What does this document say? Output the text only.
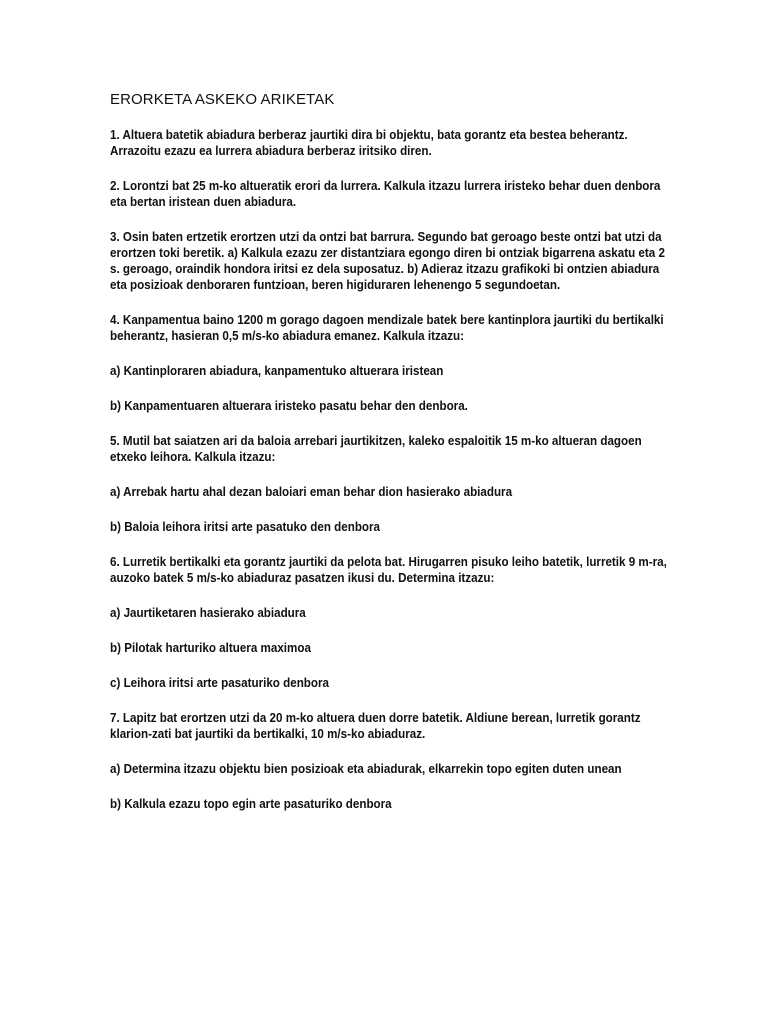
ERORKETA ASKEKO ARIKETAK

1. Altuera batetik abiadura berberaz jaurtiki dira bi objektu, bata gorantz eta bestea beherantz. Arrazoitu ezazu ea lurrera abiadura berberaz iritsiko diren.

2. Lorontzi bat 25 m-ko altueratik erori da lurrera. Kalkula itzazu lurrera iristeko behar duen denbora eta bertan iristean duen abiadura.

3. Osin baten ertzetik erortzen utzi da ontzi bat barrura. Segundo bat geroago beste ontzi bat utzi da erortzen toki beretik. a) Kalkula ezazu zer distantziara egongo diren bi ontziak bigarrena askatu eta 2 s. geroago, oraindik hondora iritsi ez dela suposatuz. b) Adieraz itzazu grafikoki bi ontzien abiadura eta posizioak denboraren funtzioan, beren higiduraren lehenengo 5 segundoetan.

4. Kanpamentua baino 1200 m gorago dagoen mendizale batek bere kantinplora jaurtiki du bertikalki beherantz, hasieran 0,5 m/s-ko abiadura emanez. Kalkula itzazu:

a) Kantinploraren abiadura, kanpamentuko altuerara iristean

b) Kanpamentuaren altuerara iristeko pasatu behar den denbora.

5. Mutil bat saiatzen ari da baloia arrebari jaurtikitzen, kaleko espaloitik 15 m-ko altueran dagoen etxeko leihora. Kalkula itzazu:

a) Arrebak hartu ahal dezan baloiari eman behar dion hasierako abiadura

b) Baloia leihora iritsi arte pasatuko den denbora

6. Lurretik bertikalki eta gorantz jaurtiki da pelota bat. Hirugarren pisuko leiho batetik, lurretik 9 m-ra, auzoko batek 5 m/s-ko abiaduraz pasatzen ikusi du. Determina itzazu:

a) Jaurtiketaren hasierako abiadura

b) Pilotak harturiko altuera maximoa

c) Leihora iritsi arte pasaturiko denbora

7. Lapitz bat erortzen utzi da 20 m-ko altuera duen dorre batetik. Aldiune berean, lurretik gorantz klarion-zati bat jaurtiki da bertikalki, 10 m/s-ko abiaduraz.

a) Determina itzazu objektu bien posizioak eta abiadurak, elkarrekin topo egiten duten unean

b) Kalkula ezazu topo egin arte pasaturiko denbora
